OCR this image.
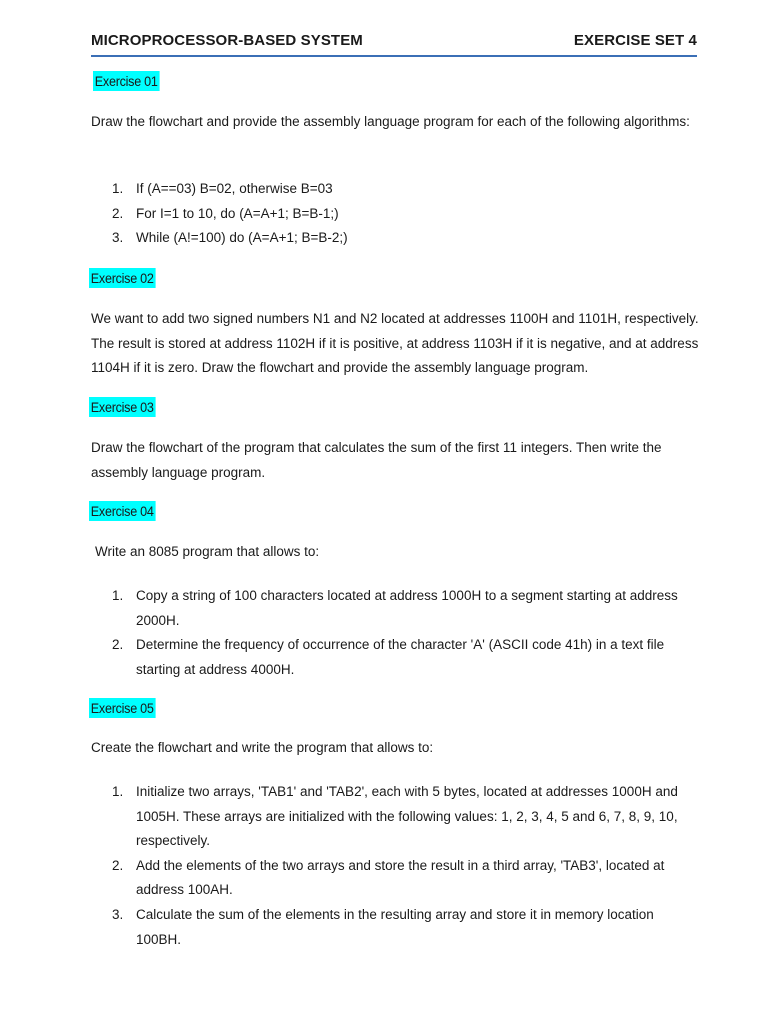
MICROPROCESSOR-BASED SYSTEM	EXERCISE SET 4
Exercise 01

Draw the flowchart and provide the assembly language program for each of the following algorithms:

1. If (A==03) B=02, otherwise B=03
2. For I=1 to 10, do (A=A+1; B=B-1;)
3. While (A!=100) do (A=A+1; B=B-2;)
Exercise 02

We want to add two signed numbers N1 and N2 located at addresses 1100H and 1101H, respectively. The result is stored at address 1102H if it is positive, at address 1103H if it is negative, and at address 1104H if it is zero. Draw the flowchart and provide the assembly language program.

Exercise 03

Draw the flowchart of the program that calculates the sum of the first 11 integers. Then write the assembly language program.

Exercise 04

Write an 8085 program that allows to:

1. Copy a string of 100 characters located at address 1000H to a segment starting at address 2000H.
2. Determine the frequency of occurrence of the character 'A' (ASCII code 41h) in a text file starting at address 4000H.
Exercise 05

Create the flowchart and write the program that allows to:

1. Initialize two arrays, 'TAB1' and 'TAB2', each with 5 bytes, located at addresses 1000H and 1005H. These arrays are initialized with the following values: 1, 2, 3, 4, 5 and 6, 7, 8, 9, 10, respectively.
2. Add the elements of the two arrays and store the result in a third array, 'TAB3', located at address 100AH.
3. Calculate the sum of the elements in the resulting array and store it in memory location 100BH.
